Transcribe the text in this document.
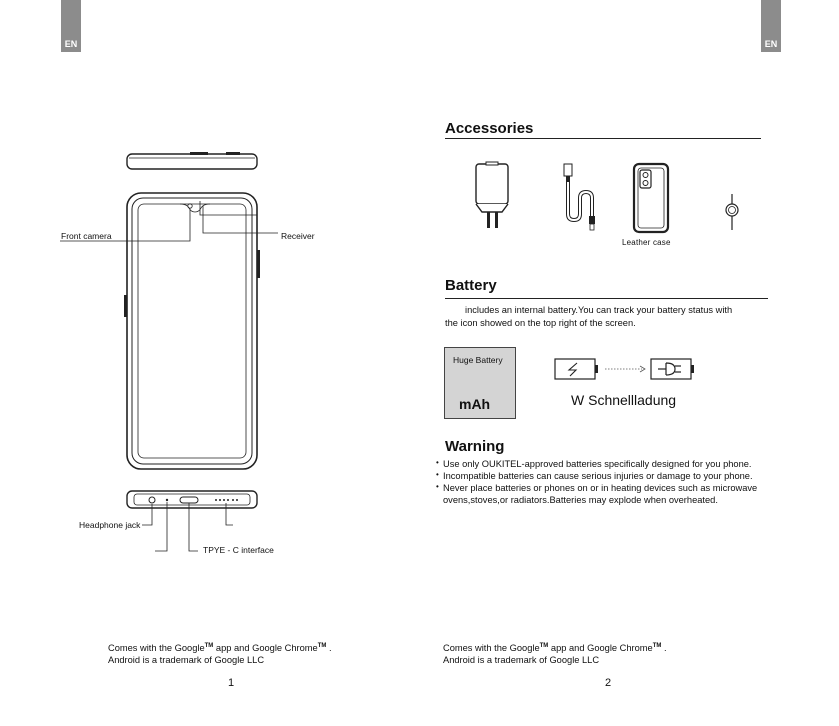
EN
Front camera	Receiver
Headphone jack
TPYE - C interface
Comes with the Google™ app and Google Chrome™ .
Android is a trademark of Google LLC
1
EN
Accessories
Leather case
Battery
includes an internal battery.You can track your battery status with
the icon showed on the top right of the screen.
Huge Battery
mAh	W Schnellladung
Warning
• Use only OUKITEL-approved batteries specifically designed for you phone.
• Incompatible batteries can cause serious injuries or damage to your phone.
• Never place batteries or phones on or in heating devices such as microwave
ovens,stoves,or radiators.Batteries may explode when overheated.
Comes with the Google™ app and Google Chrome™ .
Android is a trademark of Google LLC
2
